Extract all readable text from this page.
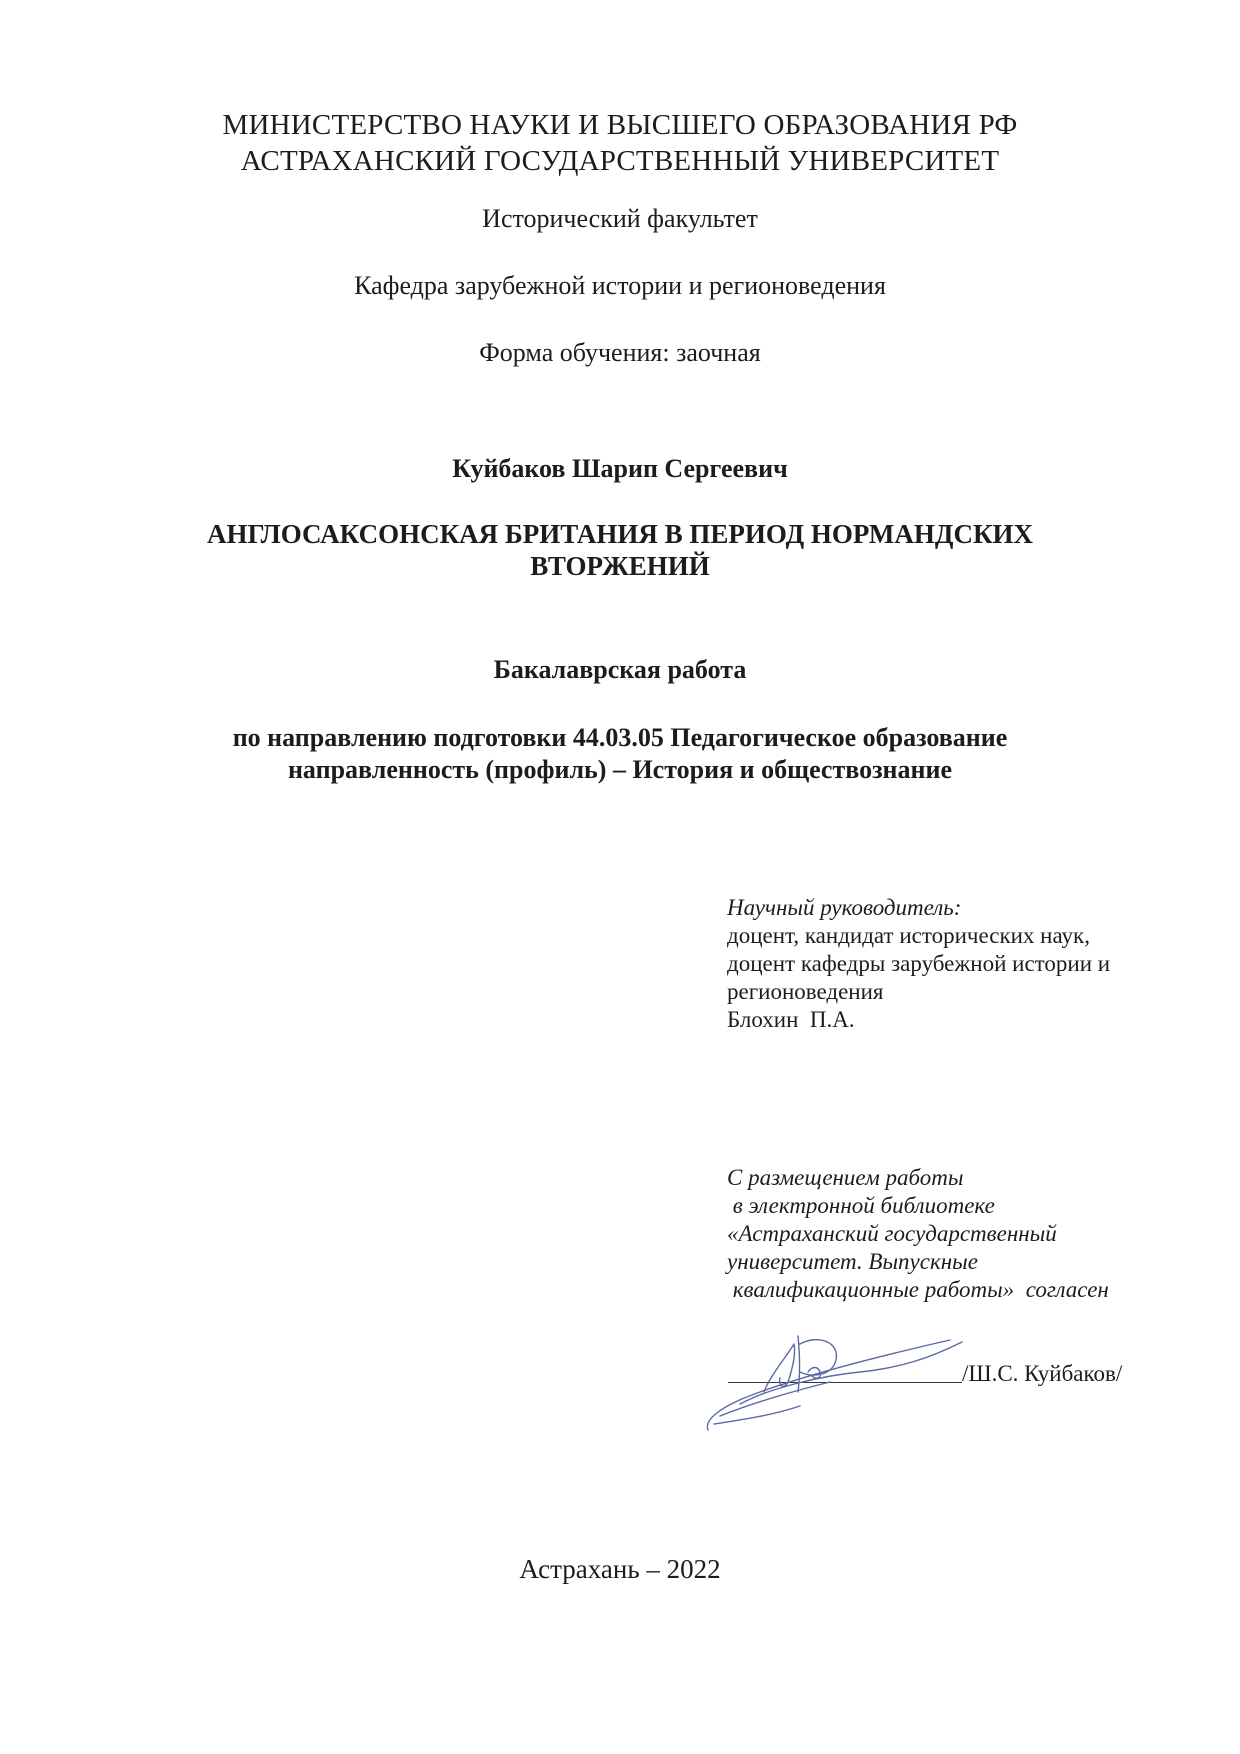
МИНИСТЕРСТВО НАУКИ И ВЫСШЕГО ОБРАЗОВАНИЯ РФ

АСТРАХАНСКИЙ ГОСУДАРСТВЕННЫЙ УНИВЕРСИТЕТ

Исторический факультет

Кафедра зарубежной истории и регионоведения

Форма обучения: заочная

Куйбаков Шарип Сергеевич

АНГЛОСАКСОНСКАЯ БРИТАНИЯ В ПЕРИОД НОРМАНДСКИХ

ВТОРЖЕНИЙ

Бакалаврская работа

по направлению подготовки 44.03.05 Педагогическое образование

направленность (профиль) – История и обществознание

Научный руководитель:

доцент, кандидат исторических наук,

доцент кафедры зарубежной истории и

регионоведения

Блохин  П.А.

С размещением работы

в электронной библиотеке

«Астраханский государственный

университет. Выпускные

квалификационные работы» согласен

/Ш.С. Куйбаков/

Астрахань – 2022
